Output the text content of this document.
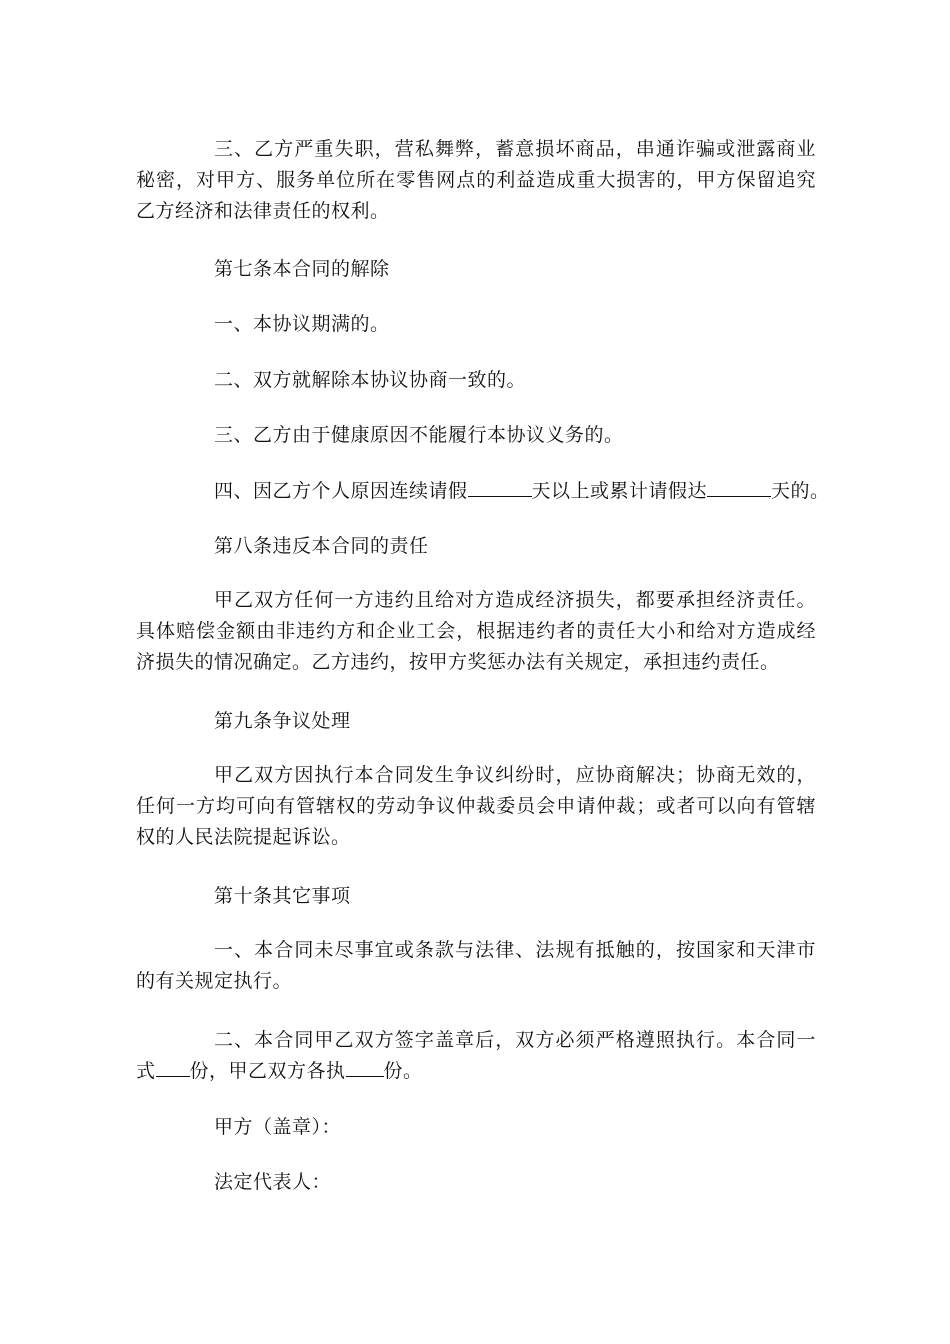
三、乙方严重失职，营私舞弊，蓄意损坏商品，串通诈骗或泄露商业秘密，对甲方、服务单位所在零售网点的利益造成重大损害的，甲方保留追究乙方经济和法律责任的权利。

第七条本合同的解除

一、本协议期满的。

二、双方就解除本协议协商一致的。

三、乙方由于健康原因不能履行本协议义务的。

四、因乙方个人原因连续请假	天以上或累计请假达	天的。

第八条违反本合同的责任

甲乙双方任何一方违约且给对方造成经济损失，都要承担经济责任。具体赔偿金额由非违约方和企业工会，根据违约者的责任大小和给对方造成经济损失的情况确定。乙方违约，按甲方奖惩办法有关规定，承担违约责任。

第九条争议处理

甲乙双方因执行本合同发生争议纠纷时，应协商解决；协商无效的，任何一方均可向有管辖权的劳动争议仲裁委员会申请仲裁；或者可以向有管辖权的人民法院提起诉讼。

第十条其它事项

一、本合同未尽事宜或条款与法律、法规有抵触的，按国家和天津市的有关规定执行。

二、本合同甲乙双方签字盖章后，双方必须严格遵照执行。本合同一式 份，甲乙双方各执 份。

甲方（盖章）：

法定代表人：
